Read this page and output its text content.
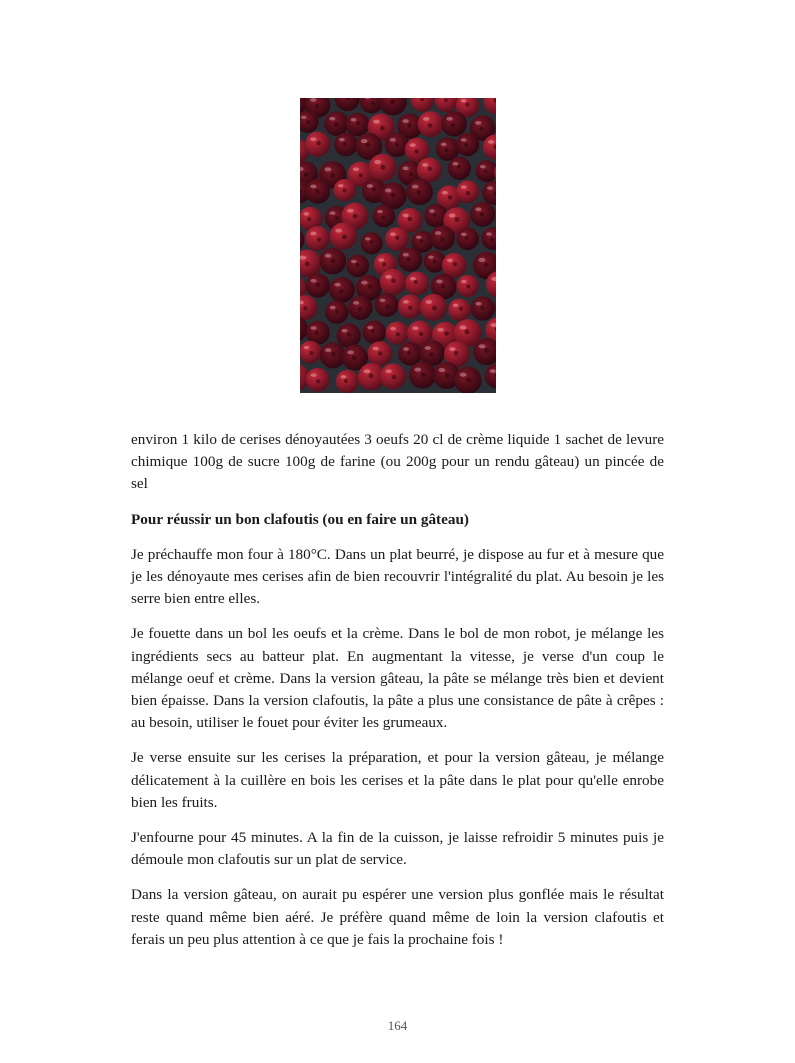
environ 1 kilo de cerises dénoyautées 3 oeufs 20 cl de crème liquide 1 sachet de levure chimique 100g de sucre 100g de farine (ou 200g pour un rendu gâteau) un pincée de sel

Pour réussir un bon clafoutis (ou en faire un gâteau)

Je préchauffe mon four à 180°C. Dans un plat beurré, je dispose au fur et à mesure que je les dénoyaute mes cerises afin de bien recouvrir l'intégralité du plat. Au besoin je les serre bien entre elles.

Je fouette dans un bol les oeufs et la crème. Dans le bol de mon robot, je mélange les ingrédients secs au batteur plat. En augmentant la vitesse, je verse d'un coup le mélange oeuf et crème. Dans la version gâteau, la pâte se mélange très bien et devient bien épaisse. Dans la version clafoutis, la pâte a plus une consistance de pâte à crêpes : au besoin, utiliser le fouet pour éviter les grumeaux.

Je verse ensuite sur les cerises la préparation, et pour la version gâteau, je mélange délicatement à la cuillère en bois les cerises et la pâte dans le plat pour qu'elle enrobe bien les fruits.

J'enfourne pour 45 minutes. A la fin de la cuisson, je laisse refroidir 5 minutes puis je démoule mon clafoutis sur un plat de service.

Dans la version gâteau, on aurait pu espérer une version plus gonflée mais le résultat reste quand même bien aéré. Je préfère quand même de loin la version clafoutis et ferais un peu plus attention à ce que je fais la prochaine fois !

164
